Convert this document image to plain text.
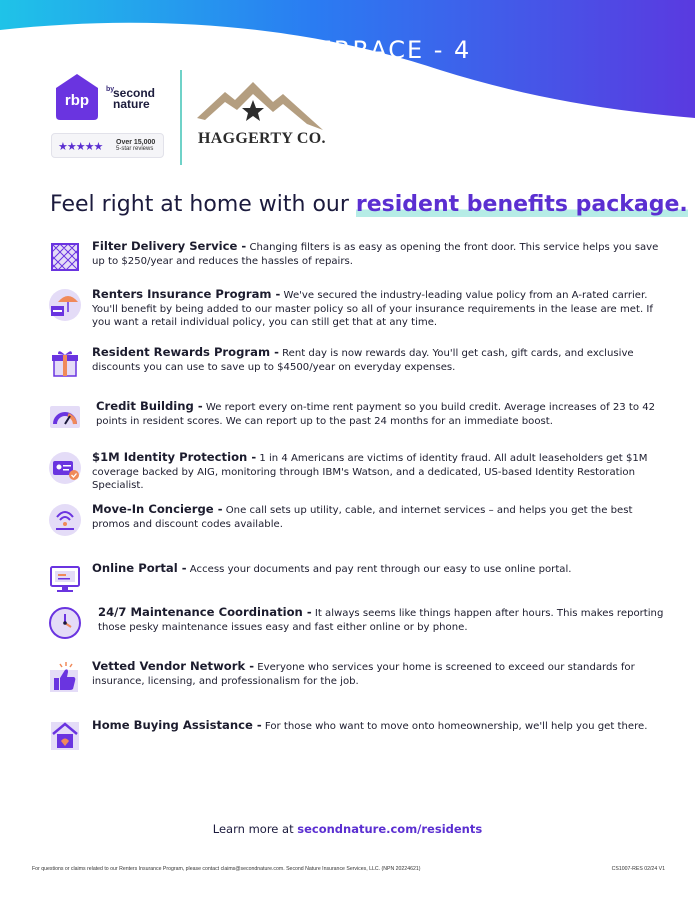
TERRACE - 4
rbp
by
second nature
★★★★★ Over 15,000
5-star reviews
HAGGERTY CO.
Feel right at home with our resident benefits package.
Filter Delivery Service - Changing filters is as easy as opening the front door. This service helps you save up to $250/year and reduces the hassles of repairs.
Renters Insurance Program - We've secured the industry-leading value policy from an A-rated carrier. You'll benefit by being added to our master policy so all of your insurance requirements in the lease are met. If you want a retail individual policy, you can still get that at any time.
Resident Rewards Program - Rent day is now rewards day. You'll get cash, gift cards, and exclusive discounts you can use to save up to $4500/year on everyday expenses.
Credit Building - We report every on-time rent payment so you build credit. Average increases of 23 to 42 points in resident scores. We can report up to the past 24 months for an immediate boost.
$1M Identity Protection - 1 in 4 Americans are victims of identity fraud. All adult leaseholders get $1M coverage backed by AIG, monitoring through IBM's Watson, and a dedicated, US-based Identity Restoration Specialist.
Move-In Concierge - One call sets up utility, cable, and internet services – and helps you get the best promos and discount codes available.
Online Portal - Access your documents and pay rent through our easy to use online portal.
24/7 Maintenance Coordination - It always seems like things happen after hours. This makes reporting those pesky maintenance issues easy and fast either online or by phone.
Vetted Vendor Network - Everyone who services your home is screened to exceed our standards for insurance, licensing, and professionalism for the job.
Home Buying Assistance - For those who want to move onto homeownership, we'll help you get there.
Learn more at secondnature.com/residents
For questions or claims related to our Renters Insurance Program, please contact claims@secondnature.com. Second Nature Insurance Services, LLC. (NPN 20224621)	CS1007-RES 02/24 V1
